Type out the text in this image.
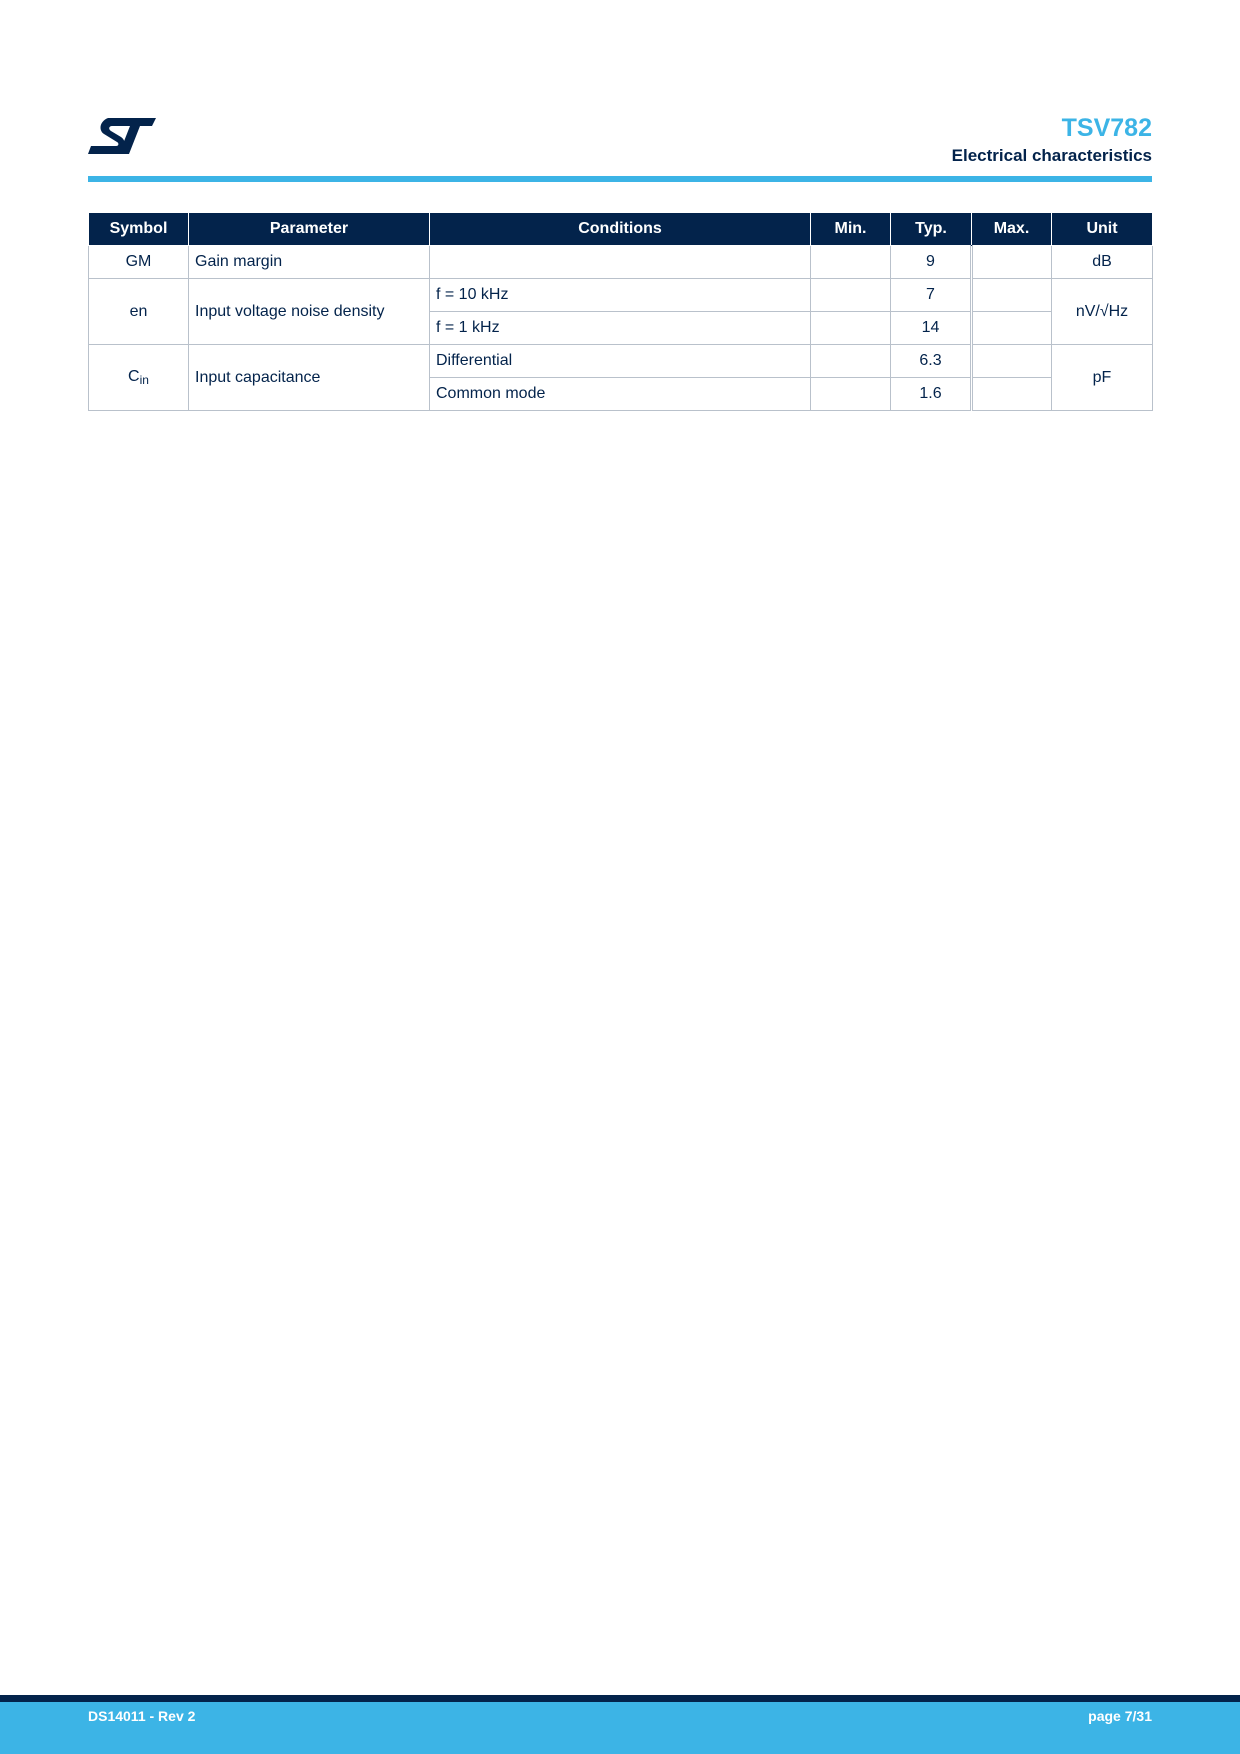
TSV782
Electrical characteristics
Symbol	Parameter	Conditions	Min.	Typ.	Max.	Unit
GM	Gain margin			9		dB
en	Input voltage noise density	f = 10 kHz		7		nV/√Hz
		f = 1 kHz		14		
$C_{in}$	Input capacitance	Differential		6.3		pF
		Common mode		1.6		
DS14011 - Rev 2	page 7/31
